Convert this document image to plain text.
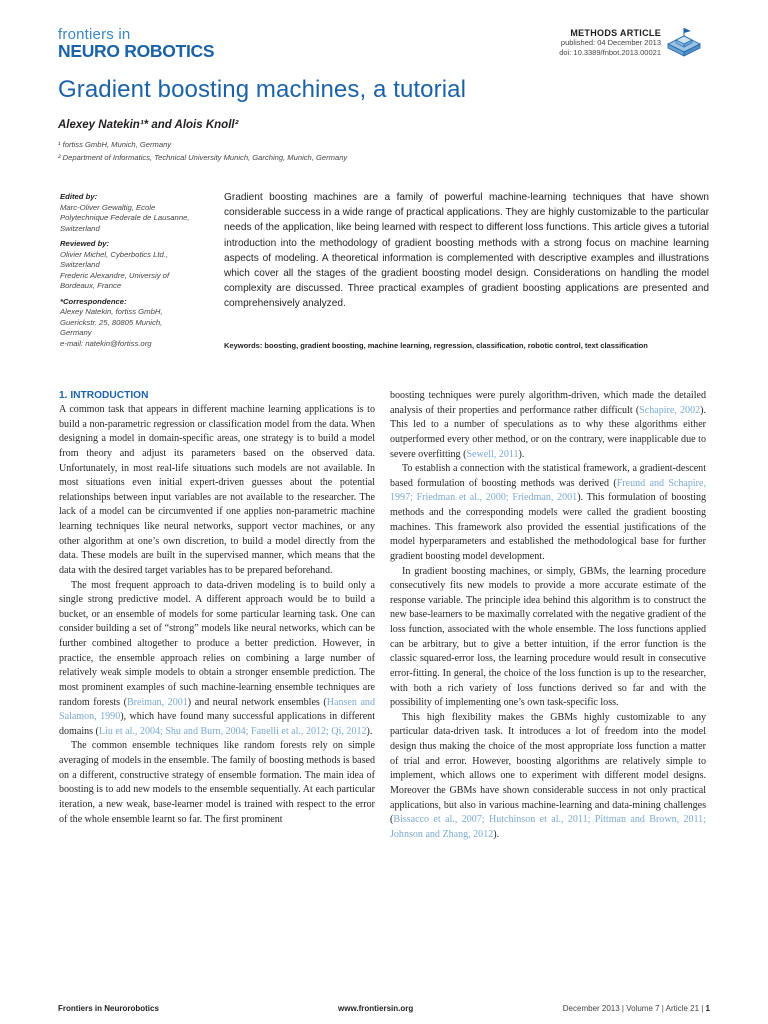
frontiers in
NEURO ROBOTICS
METHODS ARTICLE
published: 04 December 2013
doi: 10.3389/fnbot.2013.00021
Gradient boosting machines, a tutorial
Alexey Natekin¹* and Alois Knoll²
¹ fortiss GmbH, Munich, Germany
² Department of Informatics, Technical University Munich, Garching, Munich, Germany
Edited by:
Marc-Oliver Gewaltig, Ecole Polytechnique Federale de Lausanne, Switzerland
Reviewed by:
Olivier Michel, Cyberbotics Ltd., Switzerland
Frederic Alexandre, Universiy of Bordeaux, France
*Correspondence:
Alexey Natekin, fortiss GmbH, Guerickstr. 25, 80805 Munich, Germany
e-mail: natekin@fortiss.org
Gradient boosting machines are a family of powerful machine-learning techniques that have shown considerable success in a wide range of practical applications. They are highly customizable to the particular needs of the application, like being learned with respect to different loss functions. This article gives a tutorial introduction into the methodology of gradient boosting methods with a strong focus on machine learning aspects of modeling. A theoretical information is complemented with descriptive examples and illustrations which cover all the stages of the gradient boosting model design. Considerations on handling the model complexity are discussed. Three practical examples of gradient boosting applications are presented and comprehensively analyzed.
Keywords: boosting, gradient boosting, machine learning, regression, classification, robotic control, text classification

1. INTRODUCTION

A common task that appears in different machine learning applications is to build a non-parametric regression or classification model from the data. When designing a model in domain-specific areas, one strategy is to build a model from theory and adjust its parameters based on the observed data. Unfortunately, in most real-life situations such models are not available. In most situations even initial expert-driven guesses about the potential relationships between input variables are not available to the researcher. The lack of a model can be circumvented if one applies non-parametric machine learning techniques like neural networks, support vector machines, or any other algorithm at one’s own discretion, to build a model directly from the data. These models are built in the supervised manner, which means that the data with the desired target variables has to be prepared beforehand.

The most frequent approach to data-driven modeling is to build only a single strong predictive model. A different approach would be to build a bucket, or an ensemble of models for some particular learning task. One can consider building a set of “strong” models like neural networks, which can be further combined altogether to produce a better prediction. However, in practice, the ensemble approach relies on combining a large number of relatively weak simple models to obtain a stronger ensemble prediction. The most prominent examples of such machine-learning ensemble techniques are random forests (Breiman, 2001) and neural network ensembles (Hansen and Salamon, 1990), which have found many successful applications in different domains (Liu et al., 2004; Shu and Burn, 2004; Fanelli et al., 2012; Qi, 2012).

The common ensemble techniques like random forests rely on simple averaging of models in the ensemble. The family of boosting methods is based on a different, constructive strategy of ensemble formation. The main idea of boosting is to add new models to the ensemble sequentially. At each particular iteration, a new weak, base-learner model is trained with respect to the error of the whole ensemble learnt so far. The first prominent

boosting techniques were purely algorithm-driven, which made the detailed analysis of their properties and performance rather difficult (Schapire, 2002). This led to a number of speculations as to why these algorithms either outperformed every other method, or on the contrary, were inapplicable due to severe overfitting (Sewell, 2011).

To establish a connection with the statistical framework, a gradient-descent based formulation of boosting methods was derived (Freund and Schapire, 1997; Friedman et al., 2000; Friedman, 2001). This formulation of boosting methods and the corresponding models were called the gradient boosting machines. This framework also provided the essential justifications of the model hyperparameters and established the methodological base for further gradient boosting model development.

In gradient boosting machines, or simply, GBMs, the learning procedure consecutively fits new models to provide a more accurate estimate of the response variable. The principle idea behind this algorithm is to construct the new base-learners to be maximally correlated with the negative gradient of the loss function, associated with the whole ensemble. The loss functions applied can be arbitrary, but to give a better intuition, if the error function is the classic squared-error loss, the learning procedure would result in consecutive error-fitting. In general, the choice of the loss function is up to the researcher, with both a rich variety of loss functions derived so far and with the possibility of implementing one’s own task-specific loss.

This high flexibility makes the GBMs highly customizable to any particular data-driven task. It introduces a lot of freedom into the model design thus making the choice of the most appropriate loss function a matter of trial and error. However, boosting algorithms are relatively simple to implement, which allows one to experiment with different model designs. Moreover the GBMs have shown considerable success in not only practical applications, but also in various machine-learning and data-mining challenges (Bissacco et al., 2007; Hutchinson et al., 2011; Pittman and Brown, 2011; Johnson and Zhang, 2012).

Frontiers in Neurorobotics	www.frontiersin.org	December 2013 | Volume 7 | Article 21 | 1
